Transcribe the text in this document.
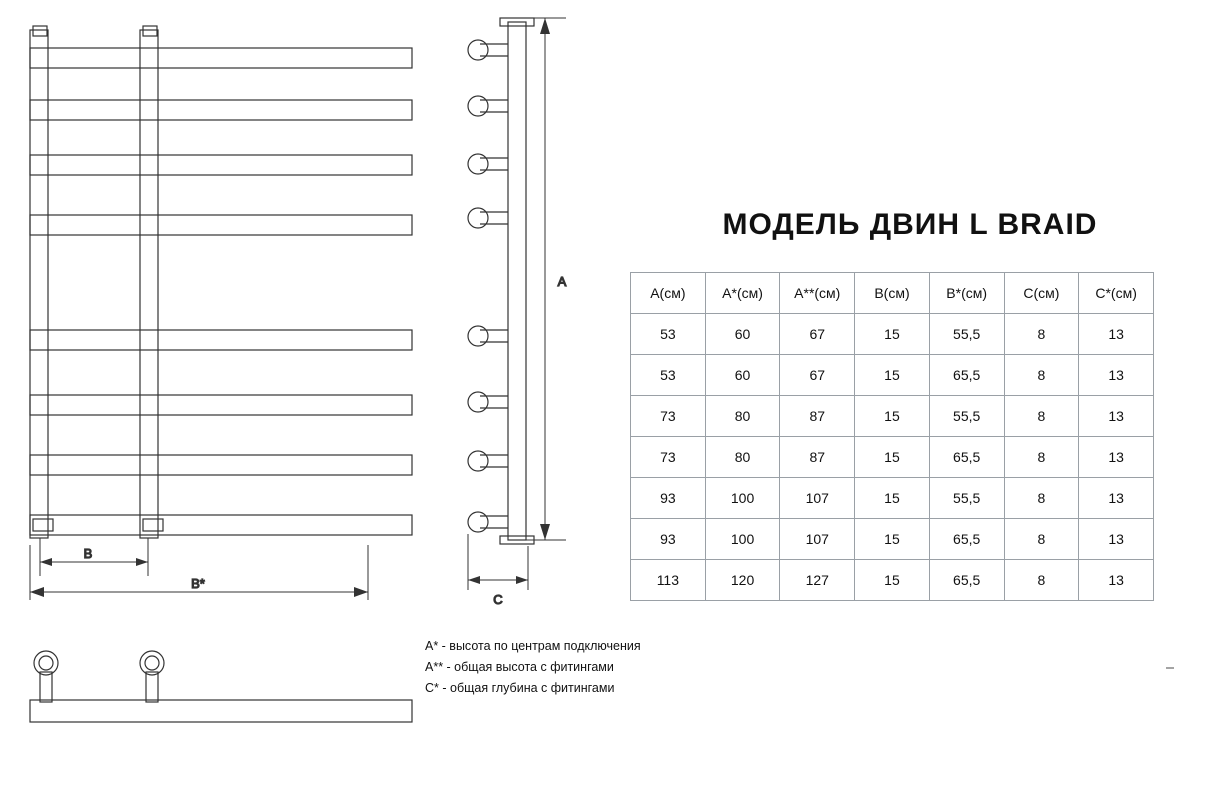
B
B*
A
C
МОДЕЛЬ ДВИН L BRAID
A(см)	A*(см)	A**(см)	B(см)	B*(см)	C(см)	C*(см)
53	60	67	15	55,5	8	13
53	60	67	15	65,5	8	13
73	80	87	15	55,5	8	13
73	80	87	15	65,5	8	13
93	100	107	15	55,5	8	13
93	100	107	15	65,5	8	13
113	120	127	15	65,5	8	13
A* - высота по центрам подключения
A** - общая высота с фитингами
C* - общая глубина с фитингами
